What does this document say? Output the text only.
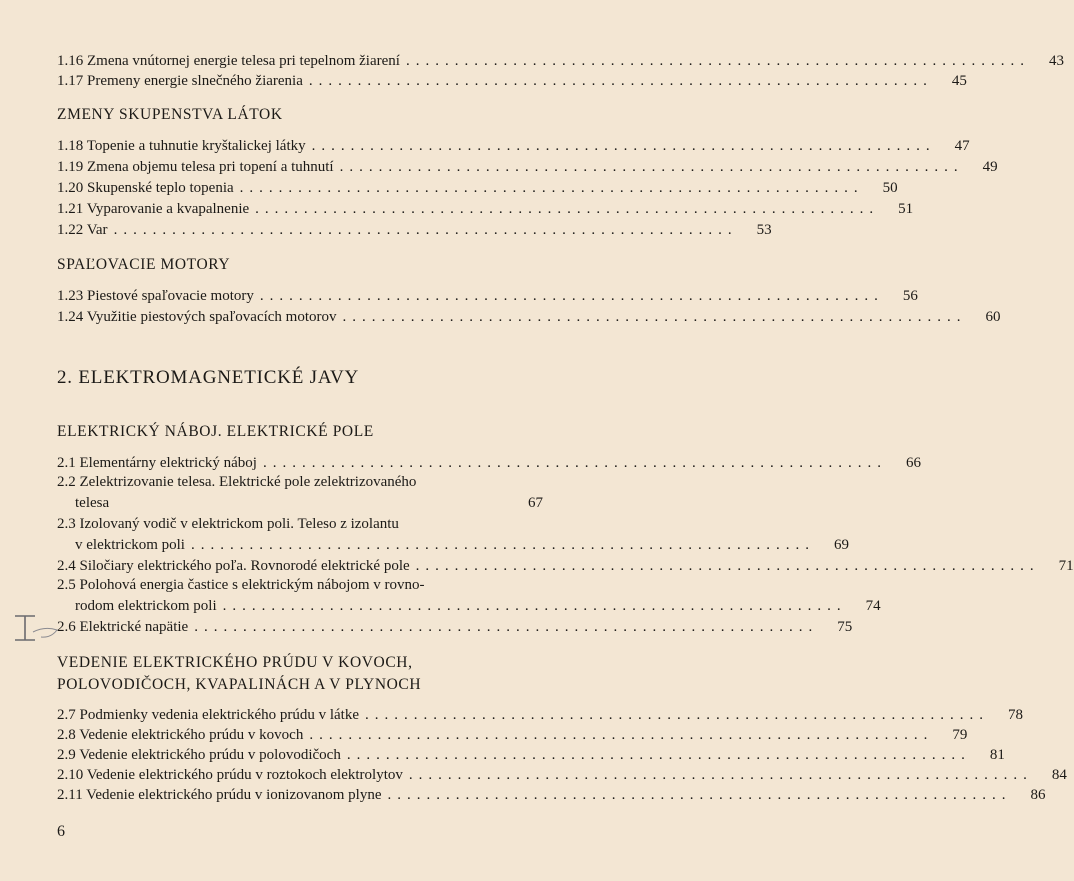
1.16 Zmena vnútornej energie telesa pri tepelnom žiarení ................................................................	43
1.17 Premeny energie slnečného žiarenia ................................................................	45
ZMENY SKUPENSTVA LÁTOK
1.18 Topenie a tuhnutie kryštalickej látky ................................................................	47
1.19 Zmena objemu telesa pri topení a tuhnutí ................................................................	49
1.20 Skupenské teplo topenia ................................................................	50
1.21 Vyparovanie a kvapalnenie ................................................................	51
1.22 Var ................................................................	53
SPAĽOVACIE MOTORY
1.23 Piestové spaľovacie motory ................................................................	56
1.24 Využitie piestových spaľovacích motorov ................................................................	60
2. ELEKTROMAGNETICKÉ JAVY
ELEKTRICKÝ NÁBOJ. ELEKTRICKÉ POLE
2.1 Elementárny elektrický náboj ................................................................	66
2.2 Zelektrizovanie telesa. Elektrické pole zelektrizovaného
telesa	67
2.3 Izolovaný vodič v elektrickom poli. Teleso z izolantu
v elektrickom poli ................................................................	69
2.4 Siločiary elektrického poľa. Rovnorodé elektrické pole ................................................................	71
2.5 Polohová energia častice s elektrickým nábojom v rovno-
rodom elektrickom poli ................................................................	74
2.6 Elektrické napätie ................................................................	75
VEDENIE ELEKTRICKÉHO PRÚDU V KOVOCH,
POLOVODIČOCH, KVAPALINÁCH A V PLYNOCH
2.7 Podmienky vedenia elektrického prúdu v látke ................................................................	78
2.8 Vedenie elektrického prúdu v kovoch ................................................................	79
2.9 Vedenie elektrického prúdu v polovodičoch ................................................................	81
2.10 Vedenie elektrického prúdu v roztokoch elektrolytov ................................................................	84
2.11 Vedenie elektrického prúdu v ionizovanom plyne ................................................................	86
6
